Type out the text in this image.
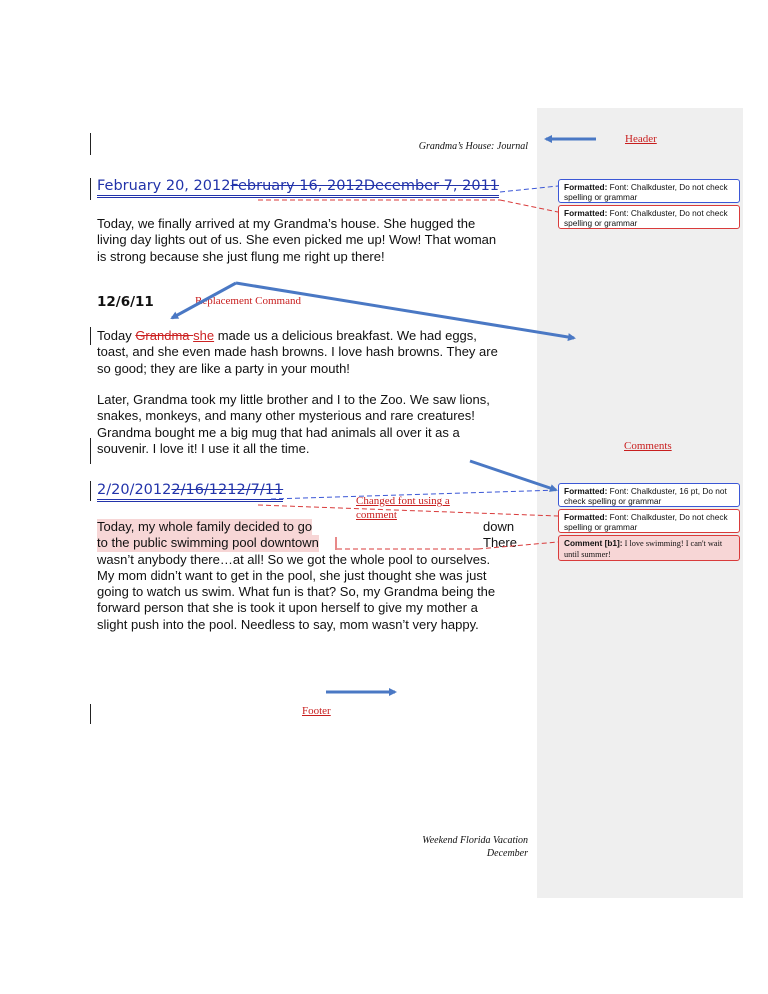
Grandma’s House: Journal
February 20, 2012February 16, 2012December 7, 2011
Today, we finally arrived at my Grandma’s house. She hugged the
living day lights out of us. She even picked me up! Wow! That woman
is strong because she just flung me right up there!
12/6/11
Today Grandma she made us a delicious breakfast. We had eggs,
toast, and she even made hash browns. I love hash browns. They are
so good; they are like a party in your mouth!
Later, Grandma took my little brother and I to the Zoo. We saw lions,
snakes, monkeys, and many other mysterious and rare creatures!
Grandma bought me a big mug that had animals all over it as a
souvenir. I love it! I use it all the time.
2/20/20122/16/1212/7/11
Today, my whole family decided to go	down
to the public swimming pool downtown	There
wasn’t anybody there…at all! So we got the whole pool to ourselves.
My mom didn’t want to get in the pool, she just thought she was just
going to watch us swim. What fun is that? So, my Grandma being the
forward person that she is took it upon herself to give my mother a
slight push into the pool. Needless to say, mom wasn’t very happy.
Weekend Florida Vacation
December
Formatted: Font: Chalkduster, Do not check spelling or grammar
Formatted: Font: Chalkduster, Do not check spelling or grammar
Formatted: Font: Chalkduster, 16 pt, Do not check spelling or grammar
Formatted: Font: Chalkduster, Do not check spelling or grammar
Comment [b1]: I love swimming! I can't wait until summer!
Header
Replacement Command
Comments
Changed font using a
comment
Footer
